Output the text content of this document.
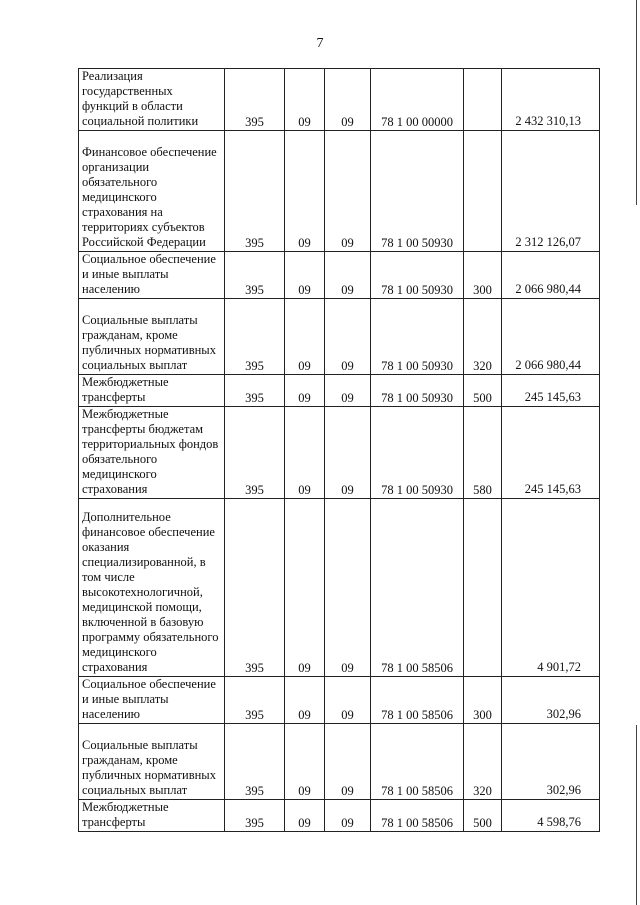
7
Реализация государственных функций в области социальной политики	395	09	09	78 1 00 00000		2 432 310,13
Финансовое обеспечение организации обязательного медицинского страхования на территориях субъектов Российской Федерации	395	09	09	78 1 00 50930		2 312 126,07
Социальное обеспечение и иные выплаты населению	395	09	09	78 1 00 50930	300	2 066 980,44
Социальные выплаты гражданам, кроме публичных нормативных социальных выплат	395	09	09	78 1 00 50930	320	2 066 980,44
Межбюджетные трансферты	395	09	09	78 1 00 50930	500	245 145,63
Межбюджетные трансферты бюджетам территориальных фондов обязательного медицинского страхования	395	09	09	78 1 00 50930	580	245 145,63
Дополнительное финансовое обеспечение оказания специализированной, в том числе высокотехнологичной, медицинской помощи, включенной в базовую программу обязательного медицинского страхования	395	09	09	78 1 00 58506		4 901,72
Социальное обеспечение и иные выплаты населению	395	09	09	78 1 00 58506	300	302,96
Социальные выплаты гражданам, кроме публичных нормативных социальных выплат	395	09	09	78 1 00 58506	320	302,96
Межбюджетные трансферты	395	09	09	78 1 00 58506	500	4 598,76
